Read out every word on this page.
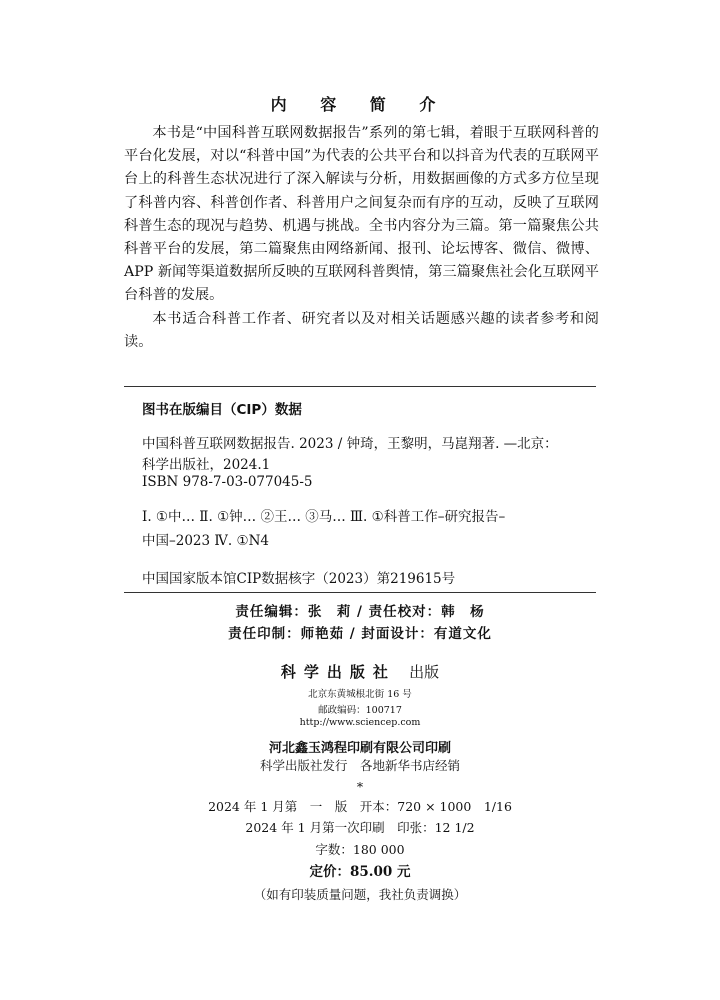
内 容 简 介

本书是“中国科普互联网数据报告”系列的第七辑，着眼于互联网科普的平台化发展，对以“科普中国”为代表的公共平台和以抖音为代表的互联网平台上的科普生态状况进行了深入解读与分析，用数据画像的方式多方位呈现了科普内容、科普创作者、科普用户之间复杂而有序的互动，反映了互联网科普生态的现况与趋势、机遇与挑战。全书内容分为三篇。第一篇聚焦公共科普平台的发展，第二篇聚焦由网络新闻、报刊、论坛博客、微信、微博、APP 新闻等渠道数据所反映的互联网科普舆情，第三篇聚焦社会化互联网平台科普的发展。

本书适合科普工作者、研究者以及对相关话题感兴趣的读者参考和阅读。

图书在版编目（CIP）数据
中国科普互联网数据报告. 2023 / 钟琦，王黎明，马崑翔著. —北京：
科学出版社，2024.1
ISBN 978-7-03-077045-5
Ⅰ. ①中… Ⅱ. ①钟… ②王… ③马… Ⅲ. ①科普工作–研究报告–
中国–2023 Ⅳ. ①N4
中国国家版本馆CIP数据核字（2023）第219615号
责任编辑：张　莉 / 责任校对：韩　杨
责任印制：师艳茹 / 封面设计：有道文化
科学出版社 出版
北京东黄城根北街 16 号
邮政编码：100717
http://www.sciencep.com
河北鑫玉鸿程印刷有限公司印刷
科学出版社发行　各地新华书店经销
*
2024 年 1 月第　一　版　开本：720 × 1000　1/16
2024 年 1 月第一次印刷　印张：12 1/2
字数：180 000
定价：85.00 元
（如有印装质量问题，我社负责调换）
